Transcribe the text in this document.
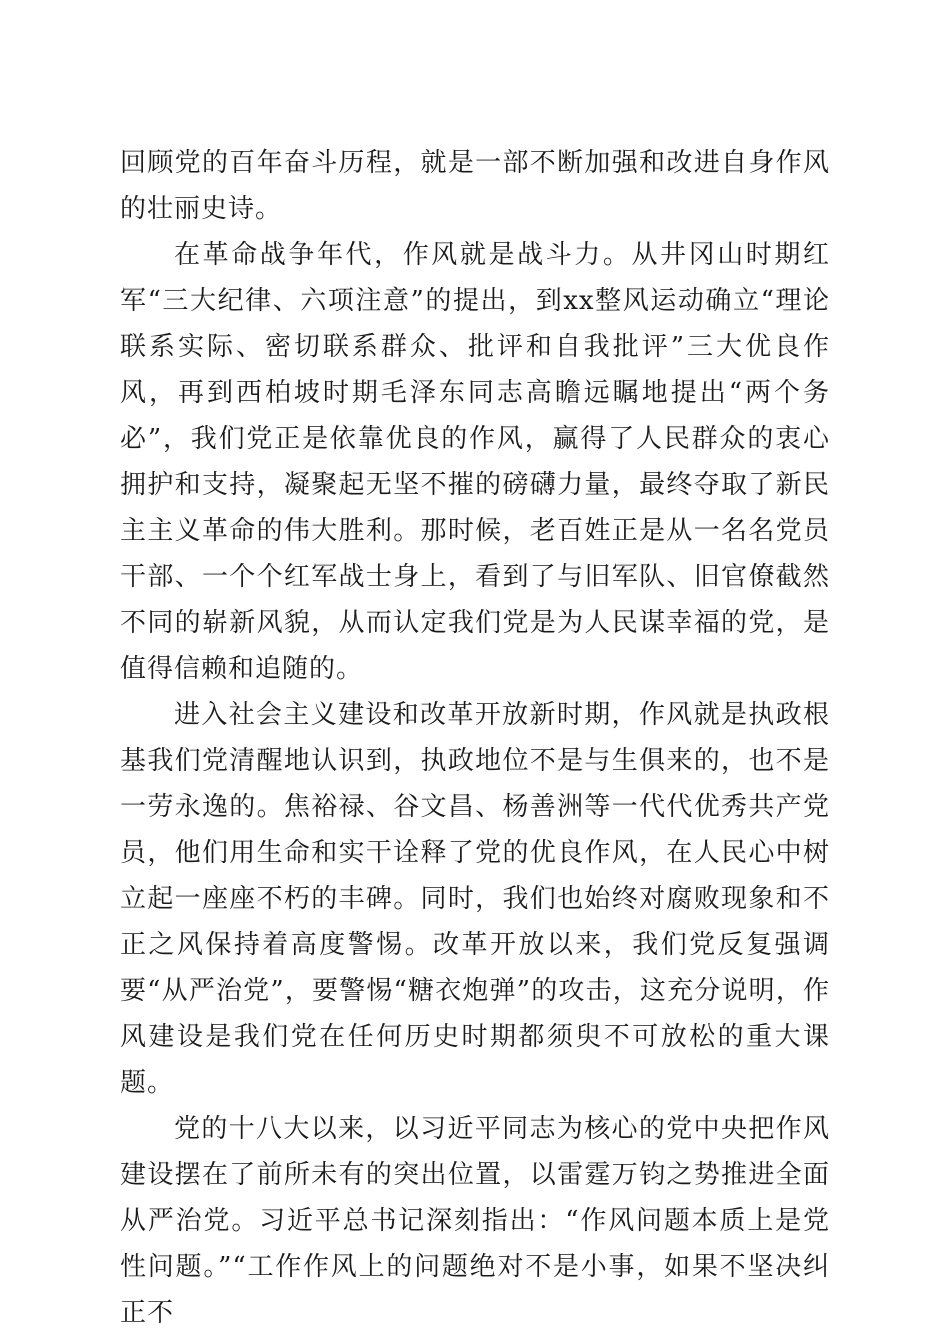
回顾党的百年奋斗历程，就是一部不断加强和改进自身作风的壮丽史诗。

在革命战争年代，作风就是战斗力。从井冈山时期红军“三大纪律、六项注意”的提出，到xx整风运动确立“理论联系实际、密切联系群众、批评和自我批评”三大优良作风，再到西柏坡时期毛泽东同志高瞻远瞩地提出“两个务必”，我们党正是依靠优良的作风，赢得了人民群众的衷心拥护和支持，凝聚起无坚不摧的磅礴力量，最终夺取了新民主主义革命的伟大胜利。那时候，老百姓正是从一名名党员干部、一个个红军战士身上，看到了与旧军队、旧官僚截然不同的崭新风貌，从而认定我们党是为人民谋幸福的党，是值得信赖和追随的。

进入社会主义建设和改革开放新时期，作风就是执政根基我们党清醒地认识到，执政地位不是与生俱来的，也不是一劳永逸的。焦裕禄、谷文昌、杨善洲等一代代优秀共产党员，他们用生命和实干诠释了党的优良作风，在人民心中树立起一座座不朽的丰碑。同时，我们也始终对腐败现象和不正之风保持着高度警惕。改革开放以来，我们党反复强调要“从严治党”，要警惕“糖衣炮弹”的攻击，这充分说明，作风建设是我们党在任何历史时期都须臾不可放松的重大课题。

党的十八大以来，以习近平同志为核心的党中央把作风建设摆在了前所未有的突出位置，以雷霆万钧之势推进全面从严治党。习近平总书记深刻指出：“作风问题本质上是党性问题。”“工作作风上的问题绝对不是小事，如果不坚决纠正不
